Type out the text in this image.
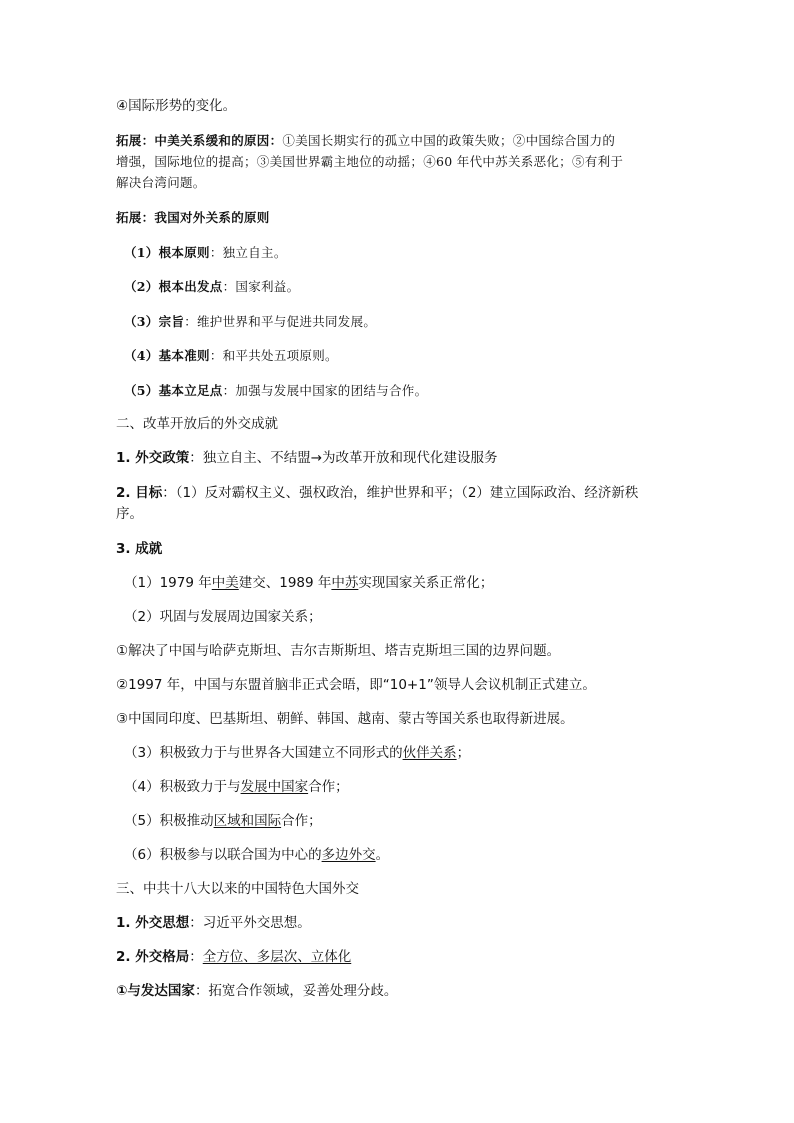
④国际形势的变化。
拓展：中美关系缓和的原因：①美国长期实行的孤立中国的政策失败；②中国综合国力的
增强，国际地位的提高；③美国世界霸主地位的动摇；④60 年代中苏关系恶化；⑤有利于
解决台湾问题。
拓展：我国对外关系的原则
（1）根本原则：独立自主。
（2）根本出发点：国家利益。
（3）宗旨：维护世界和平与促进共同发展。
（4）基本准则：和平共处五项原则。
（5）基本立足点：加强与发展中国家的团结与合作。
二、改革开放后的外交成就
1. 外交政策：独立自主、不结盟→为改革开放和现代化建设服务
2. 目标：（1）反对霸权主义、强权政治，维护世界和平；（2）建立国际政治、经济新秩
序。
3. 成就
（1）1979 年中美建交、1989 年中苏实现国家关系正常化；
（2）巩固与发展周边国家关系；
①解决了中国与哈萨克斯坦、吉尔吉斯斯坦、塔吉克斯坦三国的边界问题。
②1997 年，中国与东盟首脑非正式会晤，即“10+1”领导人会议机制正式建立。
③中国同印度、巴基斯坦、朝鲜、韩国、越南、蒙古等国关系也取得新进展。
（3）积极致力于与世界各大国建立不同形式的伙伴关系；
（4）积极致力于与发展中国家合作；
（5）积极推动区域和国际合作；
（6）积极参与以联合国为中心的多边外交。
三、中共十八大以来的中国特色大国外交
1. 外交思想：习近平外交思想。
2. 外交格局：全方位、多层次、立体化
①与发达国家：拓宽合作领域，妥善处理分歧。
